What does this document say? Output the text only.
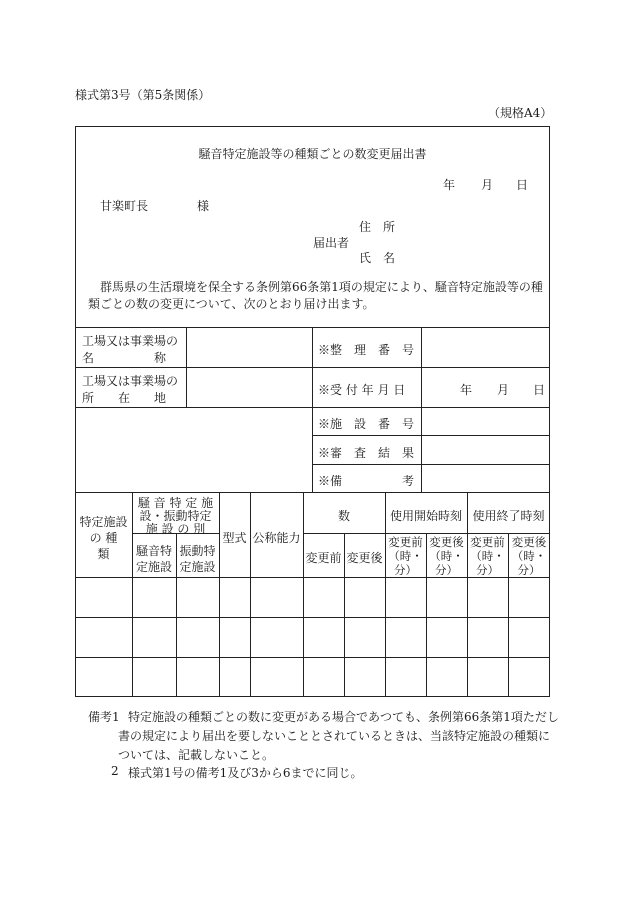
様式第3号（第5条関係）
（規格A4）
騒音特定施設等の種類ごとの数変更届出書
年 月 日
甘楽町長	様
住　所
届出者
氏　名
群馬県の生活環境を保全する条例第66条第1項の規定により、騒音特定施設等の種
類ごとの数の変更について、次のとおり届け出ます。
工場又は事業場の
名　　　　　称
工場又は事業場の
所　　在　　地
※整　理　番　号
※受 付 年 月 日	年 月 日
※施　設　番　号
※審　査　結　果
※備　　　　　考
特定施設
の 種
類
騒 音 特 定 施
設・振動特定
施 設 の 別
騒音特
定施設
振動特
定施設
型式 公称能力
数
変更前 変更後
使用開始時刻 使用終了時刻
変更前
（時・
分）
変更後
（時・
分）
変更前
（時・
分）
変更後
（時・
分）
備考1 特定施設の種類ごとの数に変更がある場合であつても、条例第66条第1項ただし
書の規定により届出を要しないこととされているときは、当該特定施設の種類に
ついては、記載しないこと。
2 様式第1号の備考1及び3から6までに同じ。
